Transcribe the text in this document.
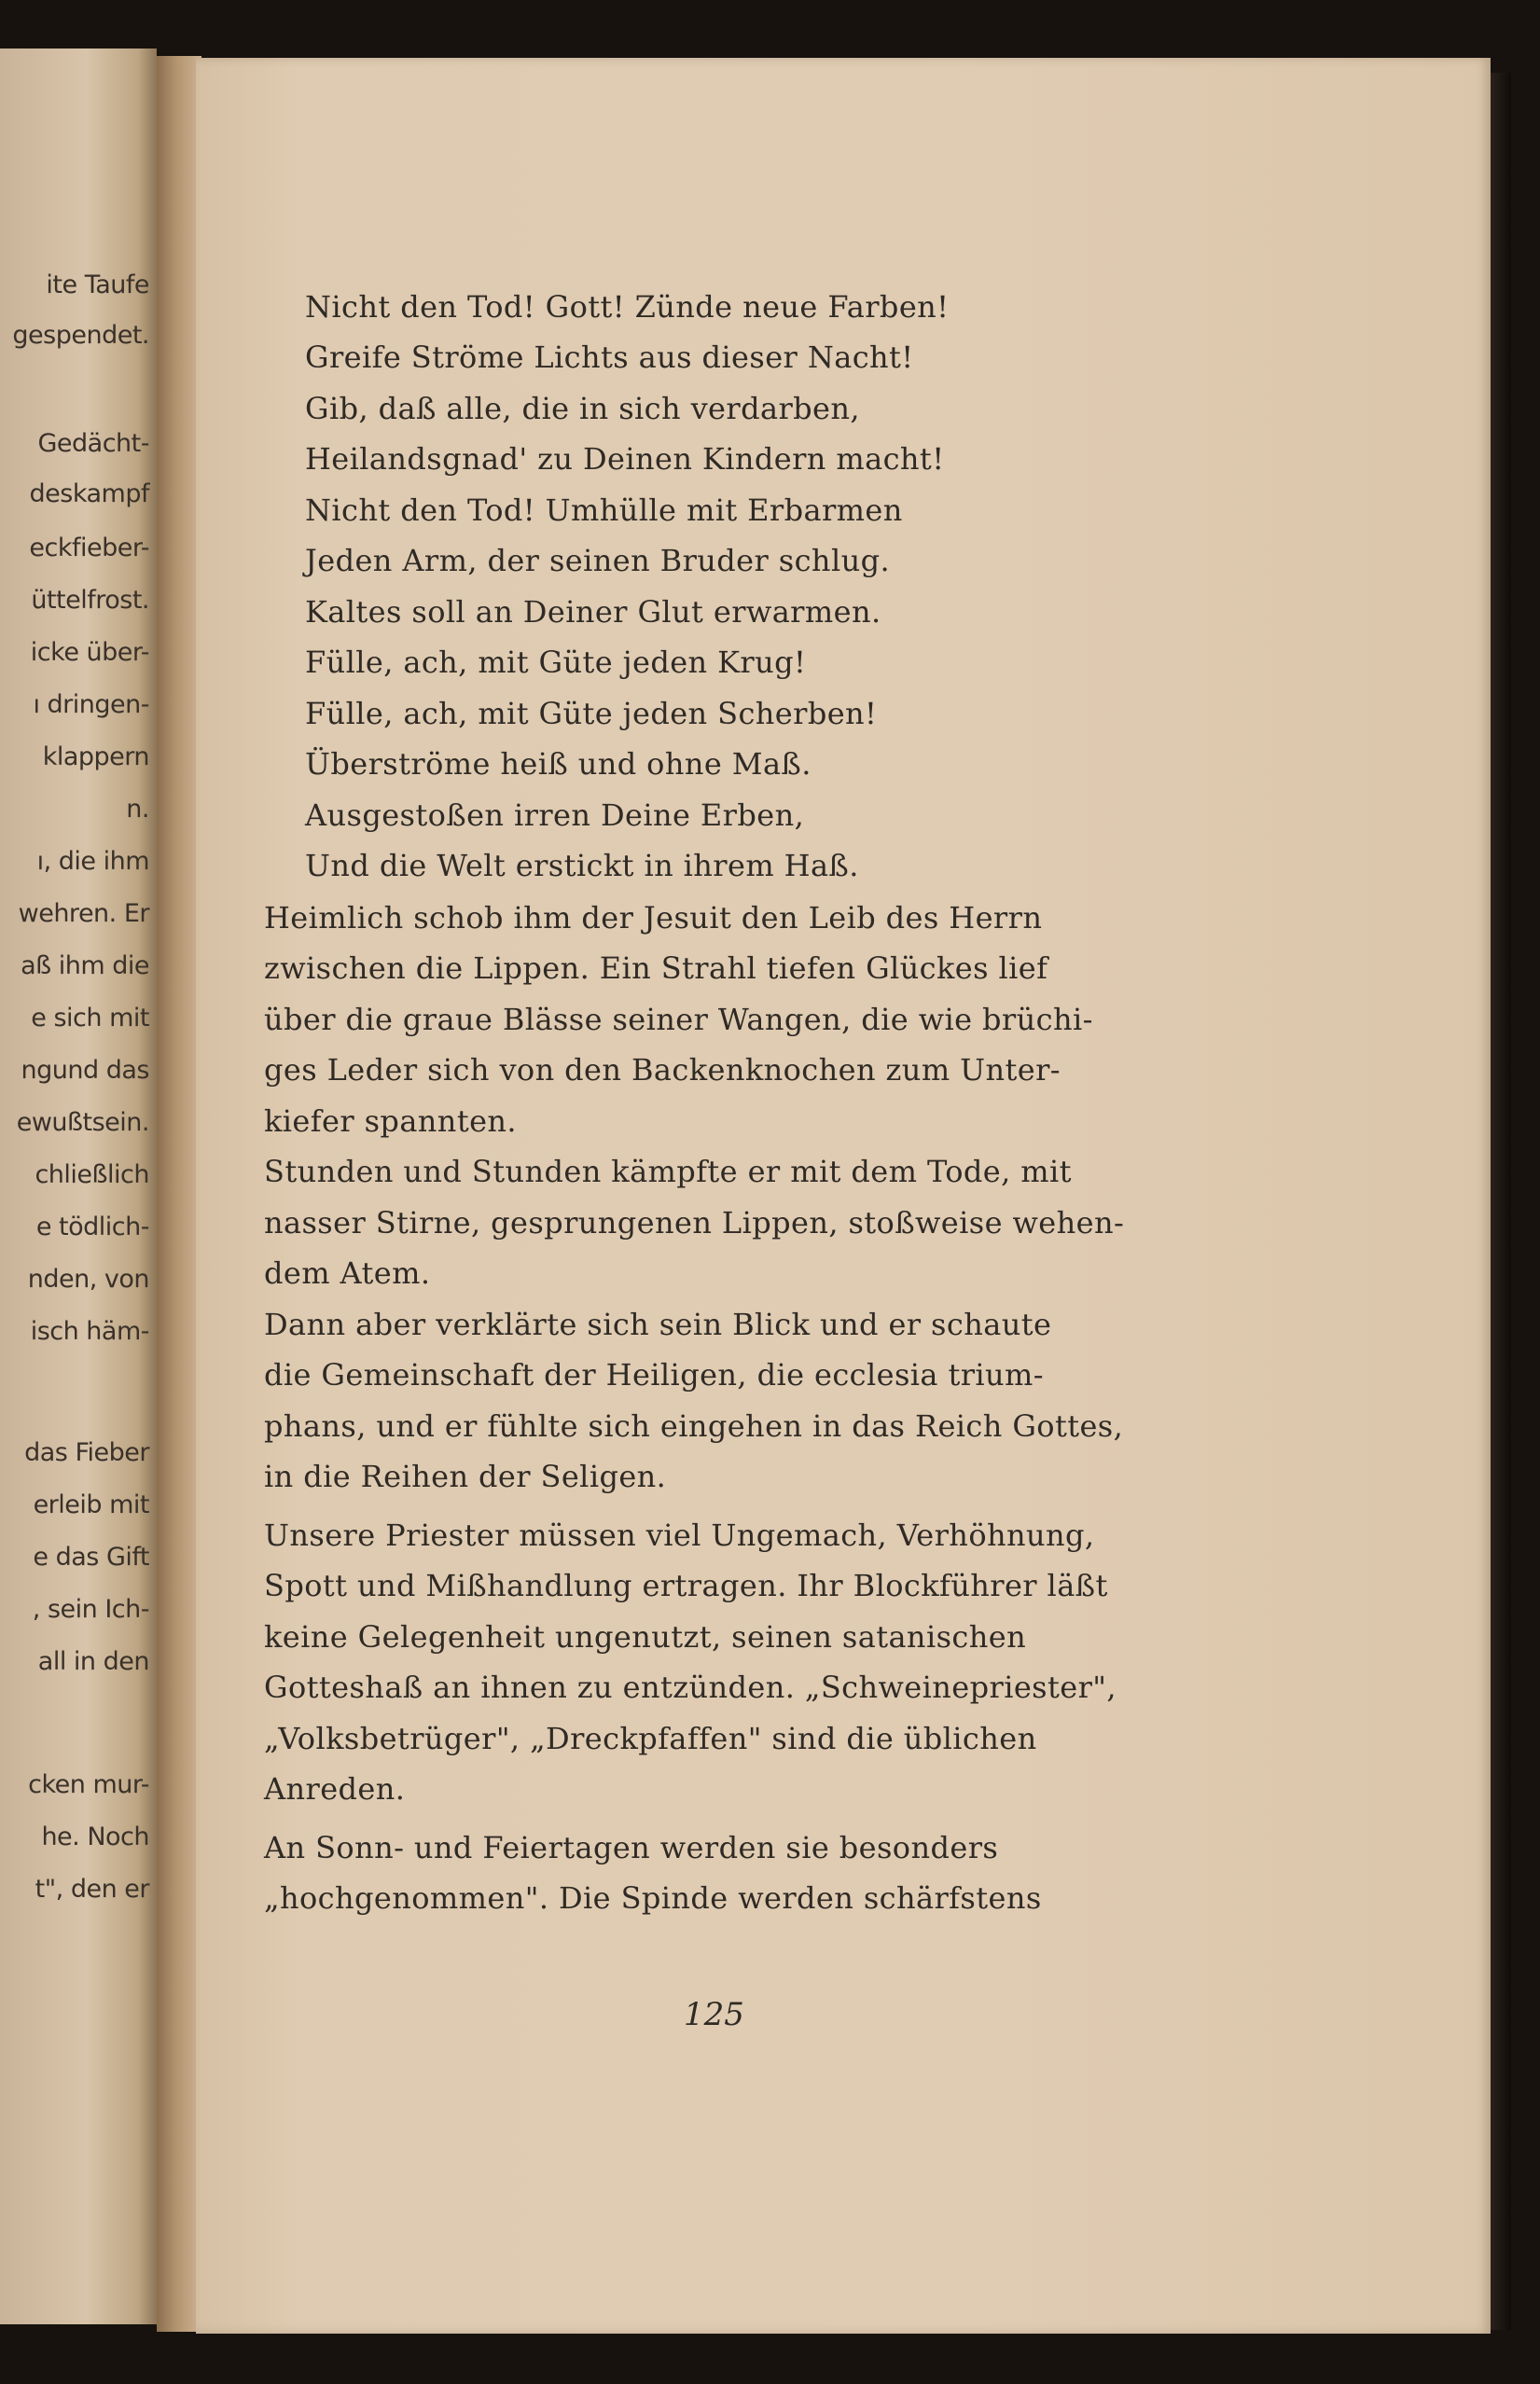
ite Taufe

gespendet.

Gedächt-

deskampf

eckfieber-

üttelfrost.

icke über-

ı dringen-

klappern

n.

ı, die ihm

wehren. Er

aß ihm die

e sich mit

ngund das

ewußtsein.

chließlich

e tödlich-

nden, von

isch häm-

das Fieber

erleib mit

e das Gift

, sein Ich-

all in den

cken mur-

he. Noch

t", den er

Nicht den Tod! Gott! Zünde neue Farben!

Greife Ströme Lichts aus dieser Nacht!

Gib, daß alle, die in sich verdarben,

Heilandsgnad' zu Deinen Kindern macht!

Nicht den Tod! Umhülle mit Erbarmen

Jeden Arm, der seinen Bruder schlug.

Kaltes soll an Deiner Glut erwarmen.

Fülle, ach, mit Güte jeden Krug!

Fülle, ach, mit Güte jeden Scherben!

Überströme heiß und ohne Maß.

Ausgestoßen irren Deine Erben,

Und die Welt erstickt in ihrem Haß.

Heimlich schob ihm der Jesuit den Leib des Herrn

zwischen die Lippen. Ein Strahl tiefen Glückes lief

über die graue Blässe seiner Wangen, die wie brüchi-

ges Leder sich von den Backenknochen zum Unter-

kiefer spannten.

Stunden und Stunden kämpfte er mit dem Tode, mit

nasser Stirne, gesprungenen Lippen, stoßweise wehen-

dem Atem.

Dann aber verklärte sich sein Blick und er schaute

die Gemeinschaft der Heiligen, die ecclesia trium-

phans, und er fühlte sich eingehen in das Reich Gottes,

in die Reihen der Seligen.

Unsere Priester müssen viel Ungemach, Verhöhnung,

Spott und Mißhandlung ertragen. Ihr Blockführer läßt

keine Gelegenheit ungenutzt, seinen satanischen

Gotteshaß an ihnen zu entzünden. „Schweinepriester",

„Volksbetrüger", „Dreckpfaffen" sind die üblichen

Anreden.

An Sonn- und Feiertagen werden sie besonders

„hochgenommen". Die Spinde werden schärfstens

125
